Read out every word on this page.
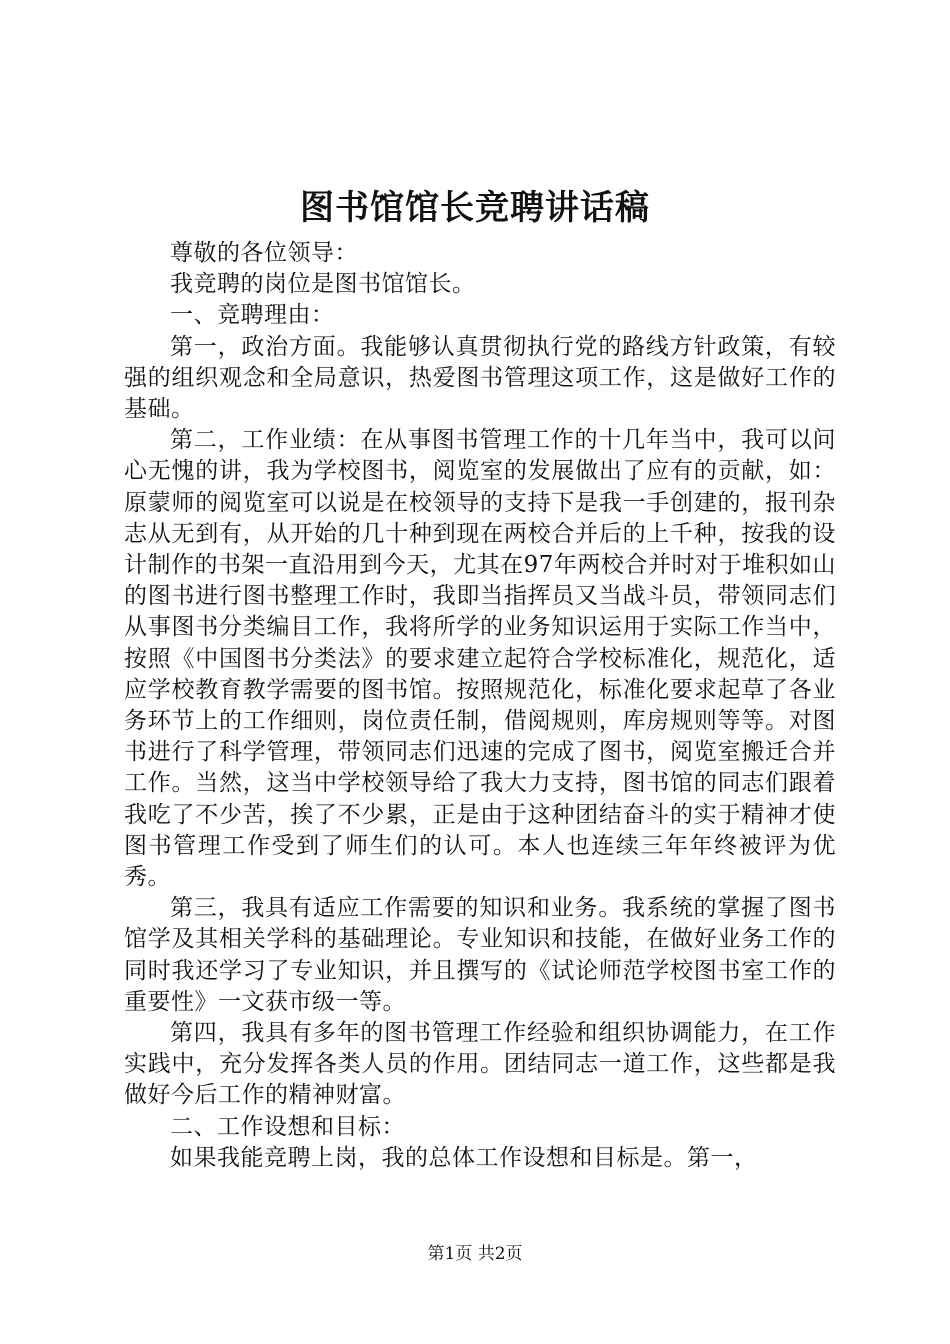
图书馆馆长竞聘讲话稿

尊敬的各位领导：

我竞聘的岗位是图书馆馆长。

一、竞聘理由：

第一，政治方面。我能够认真贯彻执行党的路线方针政策，有较强的组织观念和全局意识，热爱图书管理这项工作，这是做好工作的基础。

第二，工作业绩：在从事图书管理工作的十几年当中，我可以问心无愧的讲，我为学校图书，阅览室的发展做出了应有的贡献，如：原蒙师的阅览室可以说是在校领导的支持下是我一手创建的，报刊杂志从无到有，从开始的几十种到现在两校合并后的上千种，按我的设计制作的书架一直沿用到今天，尤其在97年两校合并时对于堆积如山的图书进行图书整理工作时，我即当指挥员又当战斗员，带领同志们从事图书分类编目工作，我将所学的业务知识运用于实际工作当中，按照《中国图书分类法》的要求建立起符合学校标准化，规范化，适应学校教育教学需要的图书馆。按照规范化，标准化要求起草了各业务环节上的工作细则，岗位责任制，借阅规则，库房规则等等。对图书进行了科学管理，带领同志们迅速的完成了图书，阅览室搬迁合并工作。当然，这当中学校领导给了我大力支持，图书馆的同志们跟着我吃了不少苦，挨了不少累，正是由于这种团结奋斗的实于精神才使图书管理工作受到了师生们的认可。本人也连续三年年终被评为优秀。

第三，我具有适应工作需要的知识和业务。我系统的掌握了图书馆学及其相关学科的基础理论。专业知识和技能，在做好业务工作的同时我还学习了专业知识，并且撰写的《试论师范学校图书室工作的重要性》一文获市级一等。

第四，我具有多年的图书管理工作经验和组织协调能力，在工作实践中，充分发挥各类人员的作用。团结同志一道工作，这些都是我做好今后工作的精神财富。

二、工作设想和目标：

如果我能竞聘上岗，我的总体工作设想和目标是。第一，

第1页 共2页
